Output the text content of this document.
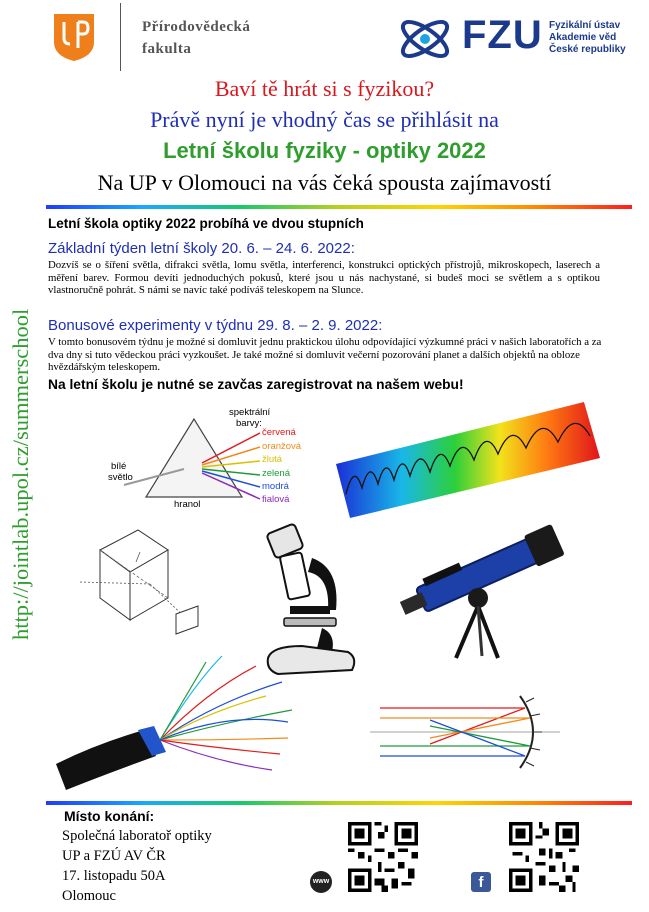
Přírodovědecká
fakulta	FZU Fyzikální ústav
Akademie věd
České republiky
Baví tě hrát si s fyzikou?
Právě nyní je vhodný čas se přihlásit na
Letní školu fyziky - optiky 2022
Na UP v Olomouci na vás čeká spousta zajímavostí
http://jointlab.upol.cz/summerschool
Letní škola optiky 2022 probíhá ve dvou stupních
Základní týden letní školy 20. 6. – 24. 6. 2022:
Dozvíš se o šíření světla, difrakci světla, lomu světla, interferenci, konstrukci optických přístrojů, mikroskopech, laserech a měření barev. Formou devíti jednoduchých pokusů, které jsou u nás nachystané, si budeš moci se světlem a s optikou vlastnoručně pohrát. S námi se navíc také podíváš teleskopem na Slunce.
Bonusové experimenty v týdnu 29. 8. – 2. 9. 2022:
V tomto bonusovém týdnu je možné si domluvit jednu praktickou úlohu odpovídající výzkumné práci v našich laboratořích a za dva dny si tuto vědeckou práci vyzkoušet. Je také možné si domluvit večerní pozorování planet a dalších objektů na obloze hvězdářským teleskopem.
Na letní školu je nutné se zavčas zaregistrovat na našem webu!
spektrální
barvy:
bílé
světlo
hranol
červená
oranžová
žlutá
zelená
modrá
fialová
Místo konání:
Společná laboratoř optiky
UP a FZÚ AV ČR
17. listopadu 50A
Olomouc
www	f
